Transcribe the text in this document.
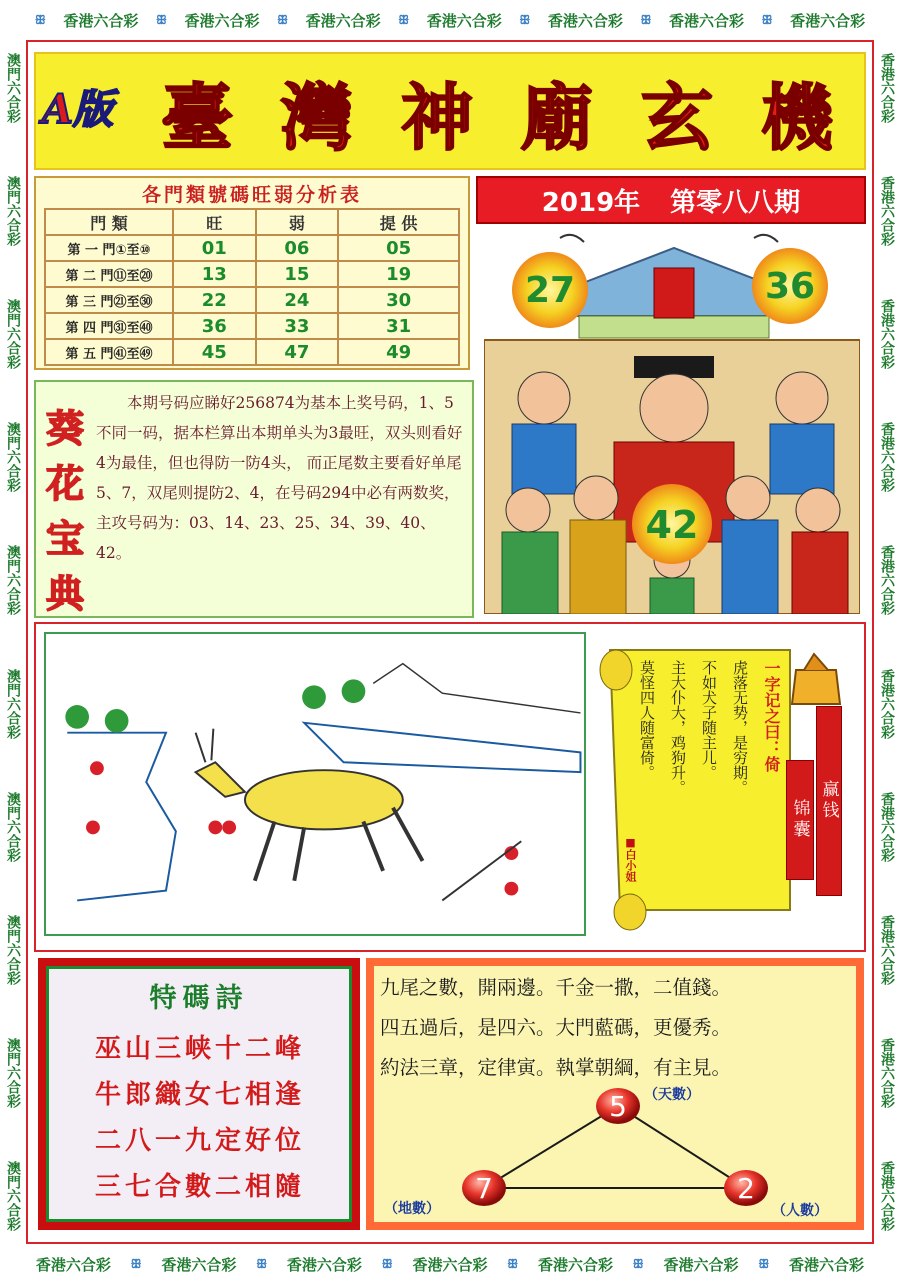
ꕥ 香港六合彩 ꕥ 香港六合彩 ꕥ 香港六合彩 ꕥ 香港六合彩 ꕥ 香港六合彩 ꕥ 香港六合彩 ꕥ 香港六合彩
香港六合彩 ꕥ 香港六合彩 ꕥ 香港六合彩 ꕥ 香港六合彩 ꕥ 香港六合彩 ꕥ 香港六合彩 ꕥ 香港六合彩
澳門六合彩
澳門六合彩
澳門六合彩
澳門六合彩
澳門六合彩
澳門六合彩
澳門六合彩
澳門六合彩
澳門六合彩
澳門六合彩
香港六合彩
香港六合彩
香港六合彩
香港六合彩
香港六合彩
香港六合彩
香港六合彩
香港六合彩
香港六合彩
香港六合彩
A版 臺 灣 神 廟 玄 機
各門類號碼旺弱分析表
門 類	旺	弱	提 供
第 一 門①至⑩	01	06	05
第 二 門⑪至⑳	13	15	19
第 三 門㉑至㉚	22	24	30
第 四 門㉛至㊵	36	33	31
第 五 門㊶至㊾	45	47	49
2019年 第零八八期
27	36
42
葵
花
宝
典
本期号码应睇好256874为基本上奖号码，1、5不同一码，据本栏算出本期单头为3最旺，双头则看好4为最佳，但也得防一防4头， 而正尾数主要看好单尾5、7，双尾则提防2、4，在号码294中必有两数奖，主攻号码为：03、14、23、25、34、39、40、42。
一字记之曰：倚
虎落无势，是穷期。
不如犬子随主儿。
主大仆大，鸡狗升。
莫怪四人随富倚。
■白小姐
赢钱
锦囊
特碼詩
巫山三峡十二峰
牛郎織女七相逢
二八一九定好位
三七合數二相隨
九尾之數，開兩邊。千金一撒，二值錢。
四五過后，是四六。大門藍碼，更優秀。
約法三章，定律寅。執掌朝綱，有主見。
5
7	2
（天數）
（地數）	（人數）
